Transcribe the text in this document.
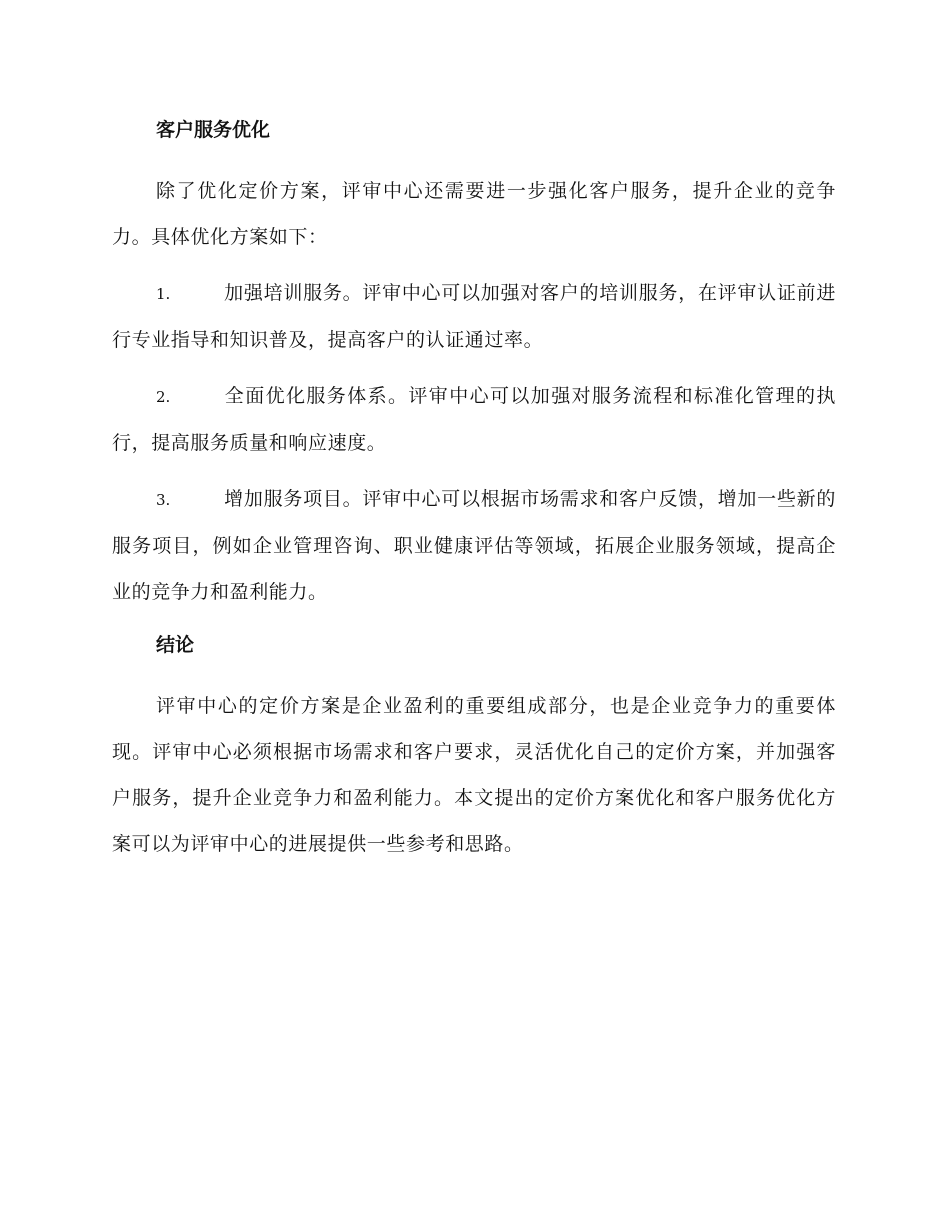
客户服务优化

除了优化定价方案，评审中心还需要进一步强化客户服务，提升企业的竞争力。具体优化方案如下：

1.	加强培训服务。评审中心可以加强对客户的培训服务，在评审认证前进行专业指导和知识普及，提高客户的认证通过率。

2.	全面优化服务体系。评审中心可以加强对服务流程和标准化管理的执行，提高服务质量和响应速度。

3.	增加服务项目。评审中心可以根据市场需求和客户反馈，增加一些新的服务项目，例如企业管理咨询、职业健康评估等领域，拓展企业服务领域，提高企业的竞争力和盈利能力。

结论

评审中心的定价方案是企业盈利的重要组成部分，也是企业竞争力的重要体现。评审中心必须根据市场需求和客户要求，灵活优化自己的定价方案，并加强客户服务，提升企业竞争力和盈利能力。本文提出的定价方案优化和客户服务优化方案可以为评审中心的进展提供一些参考和思路。
